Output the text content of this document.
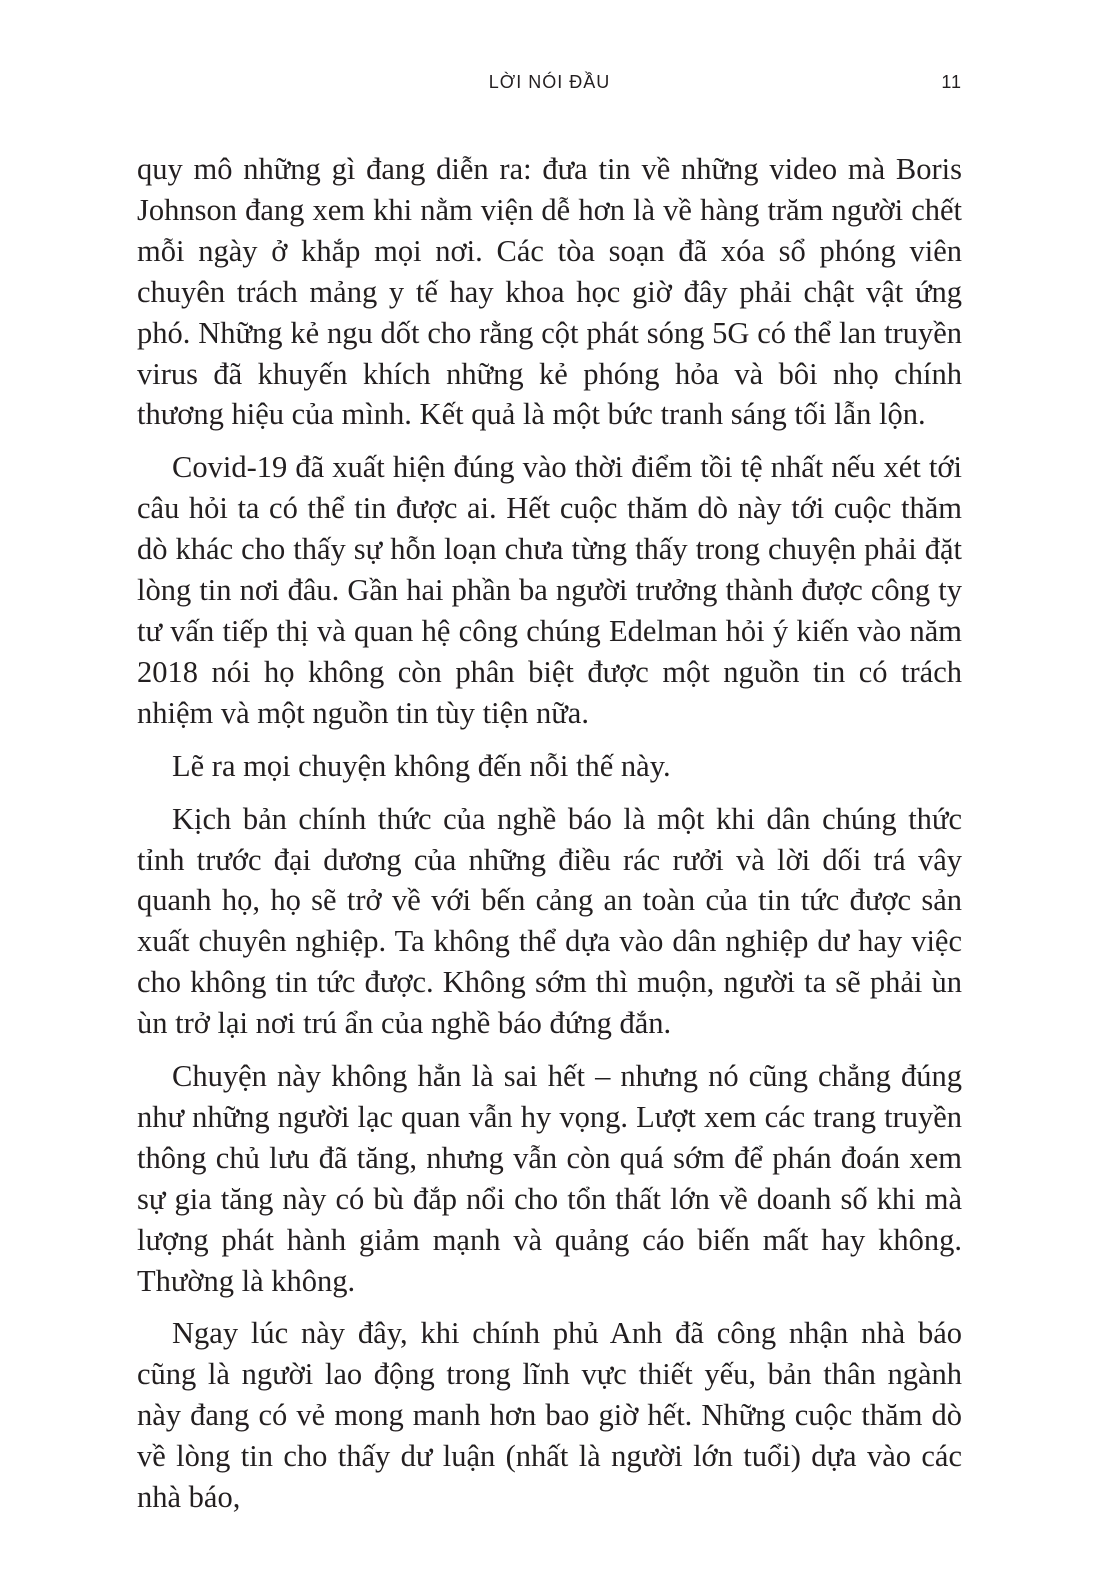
LỜI NÓI ĐẦU	11

quy mô những gì đang diễn ra: đưa tin về những video mà Boris Johnson đang xem khi nằm viện dễ hơn là về hàng trăm người chết mỗi ngày ở khắp mọi nơi. Các tòa soạn đã xóa sổ phóng viên chuyên trách mảng y tế hay khoa học giờ đây phải chật vật ứng phó. Những kẻ ngu dốt cho rằng cột phát sóng 5G có thể lan truyền virus đã khuyến khích những kẻ phóng hỏa và bôi nhọ chính thương hiệu của mình. Kết quả là một bức tranh sáng tối lẫn lộn.

Covid-19 đã xuất hiện đúng vào thời điểm tồi tệ nhất nếu xét tới câu hỏi ta có thể tin được ai. Hết cuộc thăm dò này tới cuộc thăm dò khác cho thấy sự hỗn loạn chưa từng thấy trong chuyện phải đặt lòng tin nơi đâu. Gần hai phần ba người trưởng thành được công ty tư vấn tiếp thị và quan hệ công chúng Edelman hỏi ý kiến vào năm 2018 nói họ không còn phân biệt được một nguồn tin có trách nhiệm và một nguồn tin tùy tiện nữa.

Lẽ ra mọi chuyện không đến nỗi thế này.

Kịch bản chính thức của nghề báo là một khi dân chúng thức tỉnh trước đại dương của những điều rác rưởi và lời dối trá vây quanh họ, họ sẽ trở về với bến cảng an toàn của tin tức được sản xuất chuyên nghiệp. Ta không thể dựa vào dân nghiệp dư hay việc cho không tin tức được. Không sớm thì muộn, người ta sẽ phải ùn ùn trở lại nơi trú ẩn của nghề báo đứng đắn.

Chuyện này không hẳn là sai hết – nhưng nó cũng chẳng đúng như những người lạc quan vẫn hy vọng. Lượt xem các trang truyền thông chủ lưu đã tăng, nhưng vẫn còn quá sớm để phán đoán xem sự gia tăng này có bù đắp nổi cho tổn thất lớn về doanh số khi mà lượng phát hành giảm mạnh và quảng cáo biến mất hay không. Thường là không.

Ngay lúc này đây, khi chính phủ Anh đã công nhận nhà báo cũng là người lao động trong lĩnh vực thiết yếu, bản thân ngành này đang có vẻ mong manh hơn bao giờ hết. Những cuộc thăm dò về lòng tin cho thấy dư luận (nhất là người lớn tuổi) dựa vào các nhà báo,
